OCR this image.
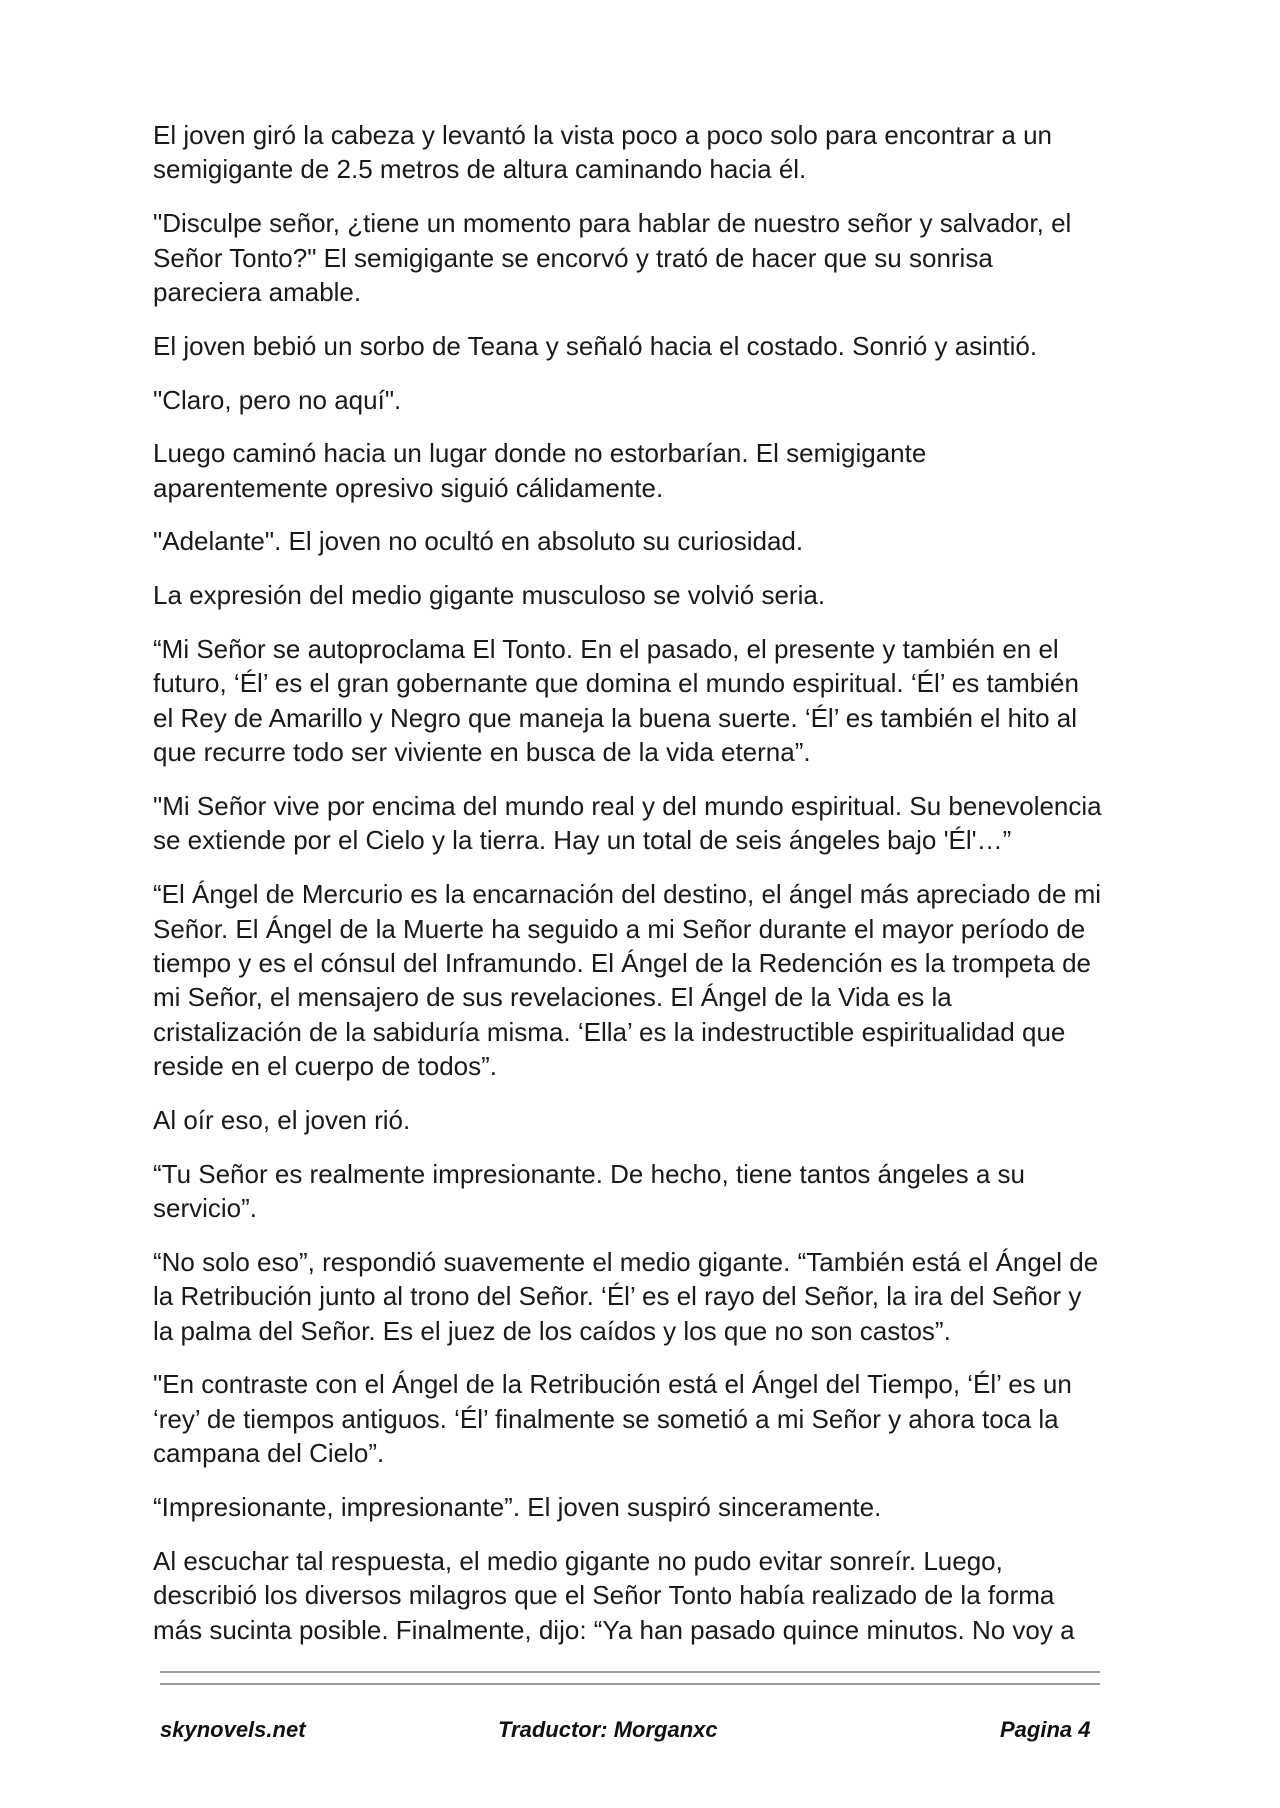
El joven giró la cabeza y levantó la vista poco a poco solo para encontrar a un
semigigante de 2.5 metros de altura caminando hacia él.
"Disculpe señor, ¿tiene un momento para hablar de nuestro señor y salvador, el
Señor Tonto?" El semigigante se encorvó y trató de hacer que su sonrisa
pareciera amable.
El joven bebió un sorbo de Teana y señaló hacia el costado. Sonrió y asintió.
"Claro, pero no aquí".
Luego caminó hacia un lugar donde no estorbarían. El semigigante
aparentemente opresivo siguió cálidamente.
"Adelante". El joven no ocultó en absoluto su curiosidad.
La expresión del medio gigante musculoso se volvió seria.
“Mi Señor se autoproclama El Tonto. En el pasado, el presente y también en el
futuro, ‘Él’ es el gran gobernante que domina el mundo espiritual. ‘Él’ es también
el Rey de Amarillo y Negro que maneja la buena suerte. ‘Él’ es también el hito al
que recurre todo ser viviente en busca de la vida eterna”.
"Mi Señor vive por encima del mundo real y del mundo espiritual. Su benevolencia
se extiende por el Cielo y la tierra. Hay un total de seis ángeles bajo 'Él'…”
“El Ángel de Mercurio es la encarnación del destino, el ángel más apreciado de mi
Señor. El Ángel de la Muerte ha seguido a mi Señor durante el mayor período de
tiempo y es el cónsul del Inframundo. El Ángel de la Redención es la trompeta de
mi Señor, el mensajero de sus revelaciones. El Ángel de la Vida es la
cristalización de la sabiduría misma. ‘Ella’ es la indestructible espiritualidad que
reside en el cuerpo de todos”.
Al oír eso, el joven rió.
“Tu Señor es realmente impresionante. De hecho, tiene tantos ángeles a su
servicio”.
“No solo eso”, respondió suavemente el medio gigante. “También está el Ángel de
la Retribución junto al trono del Señor. ‘Él’ es el rayo del Señor, la ira del Señor y
la palma del Señor. Es el juez de los caídos y los que no son castos”.
"En contraste con el Ángel de la Retribución está el Ángel del Tiempo, ‘Él’ es un
‘rey’ de tiempos antiguos. ‘Él’ finalmente se sometió a mi Señor y ahora toca la
campana del Cielo”.
“Impresionante, impresionante”. El joven suspiró sinceramente.
Al escuchar tal respuesta, el medio gigante no pudo evitar sonreír. Luego,
describió los diversos milagros que el Señor Tonto había realizado de la forma
más sucinta posible. Finalmente, dijo: “Ya han pasado quince minutos. No voy a
skynovels.net	Traductor: Morganxc	Pagina 4
